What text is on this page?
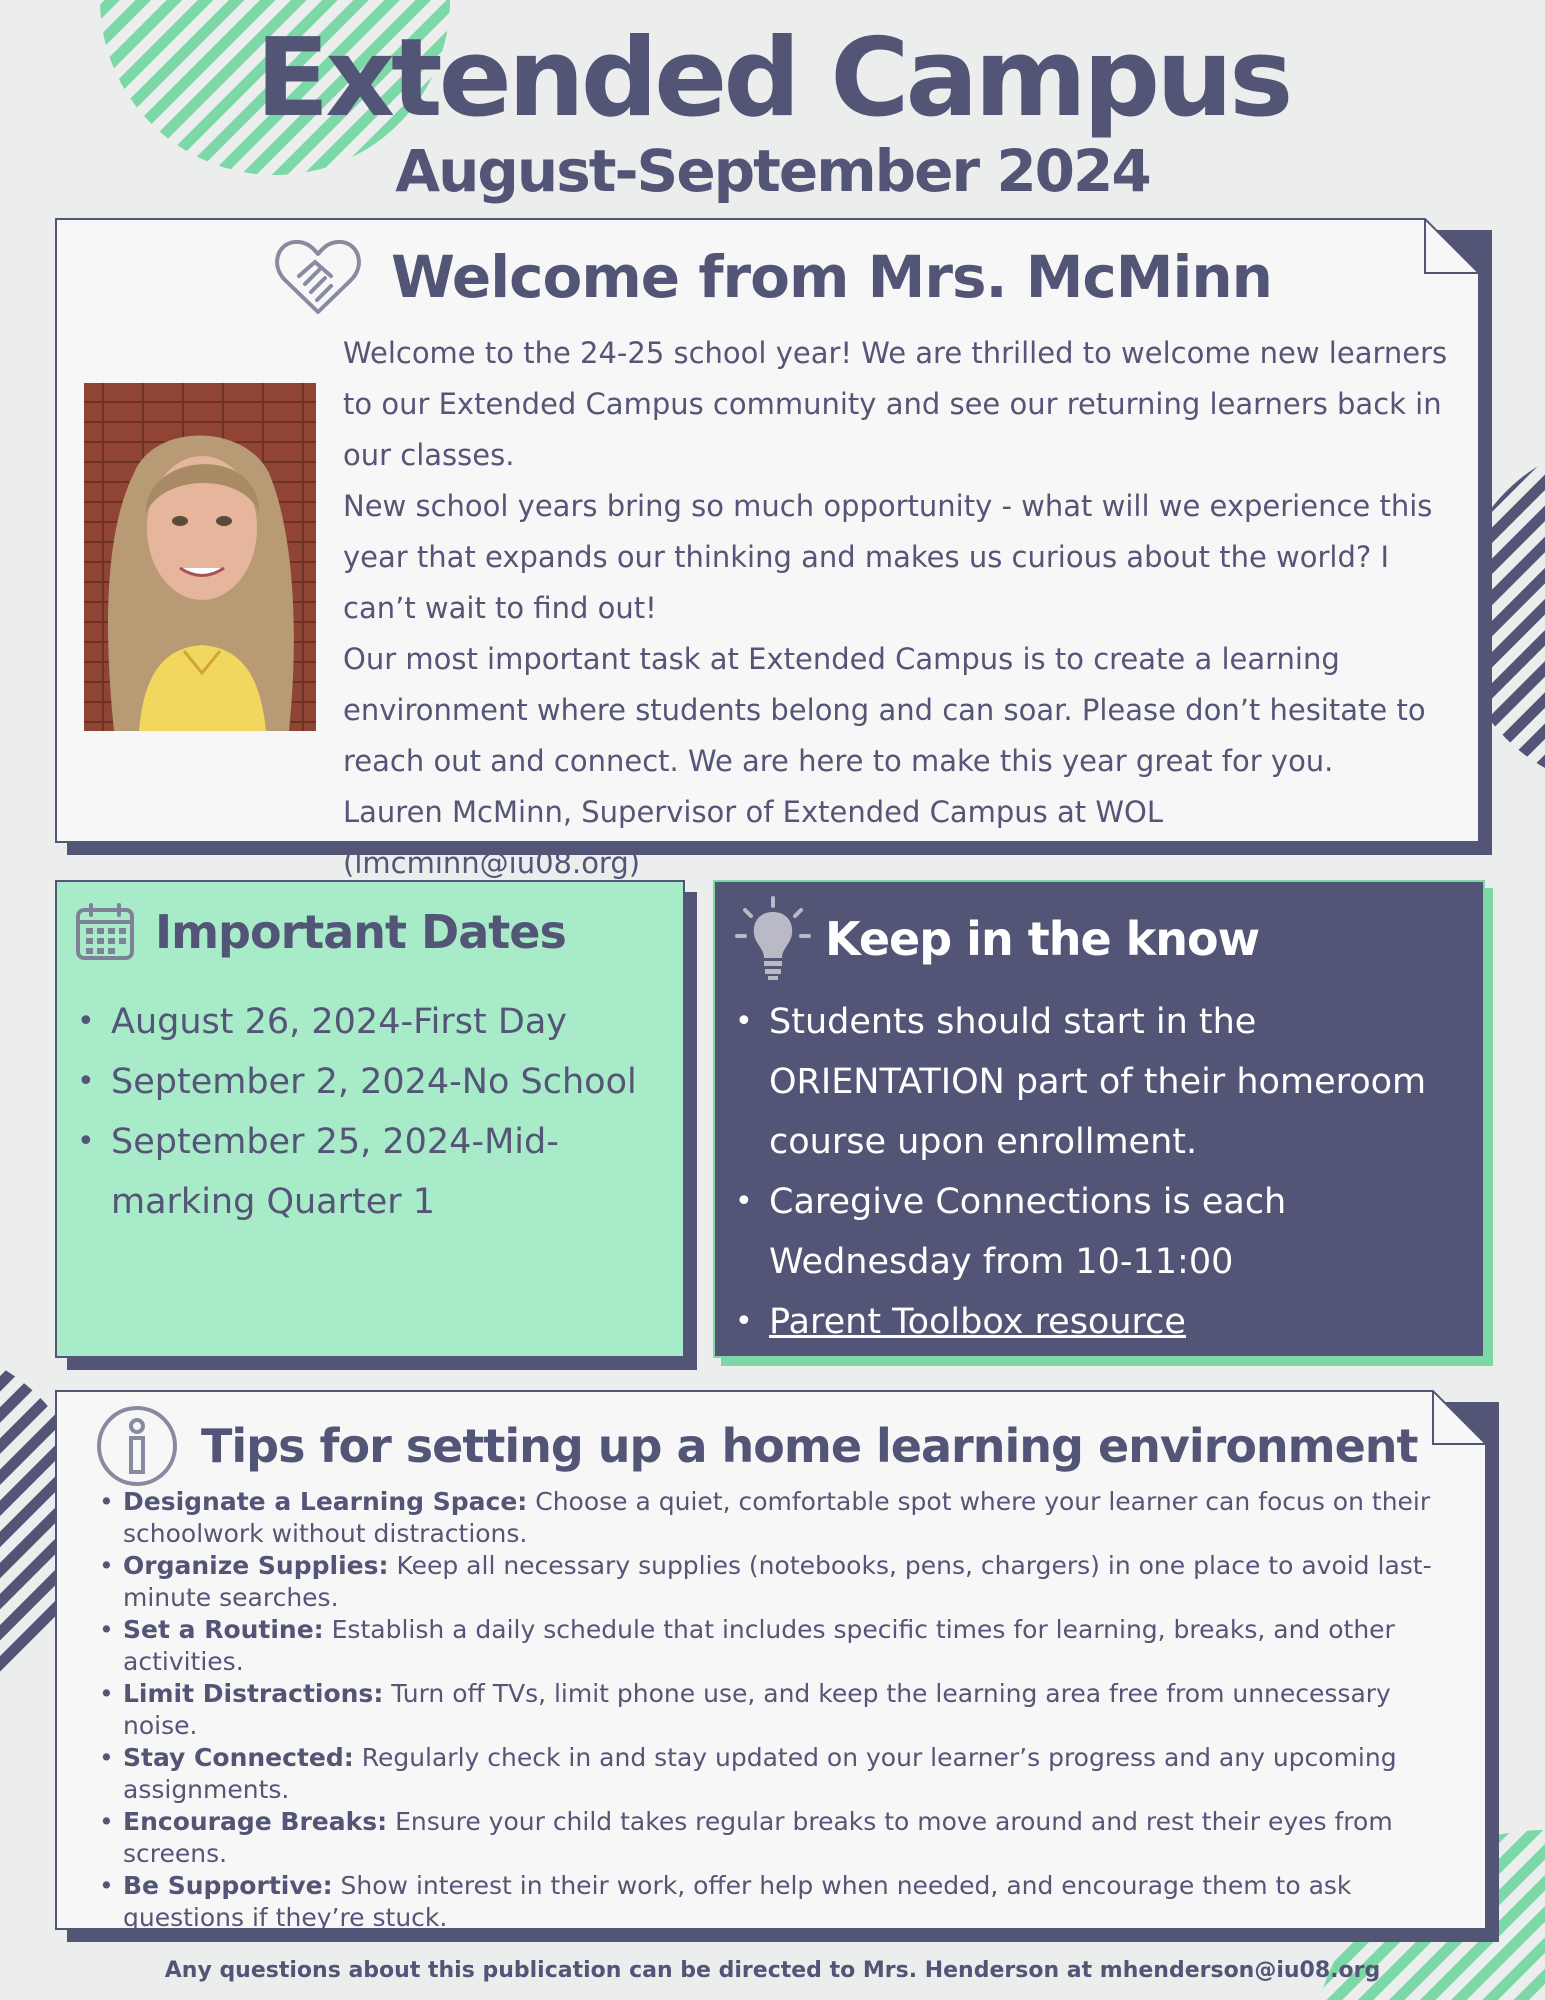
Extended Campus
August-September 2024
Welcome from Mrs. McMinn

Welcome to the 24-25 school year! We are thrilled to welcome new learners to our Extended Campus community and see our returning learners back in our classes.

New school years bring so much opportunity - what will we experience this year that expands our thinking and makes us curious about the world? I can’t wait to find out!

Our most important task at Extended Campus is to create a learning environment where students belong and can soar. Please don’t hesitate to reach out and connect. We are here to make this year great for you.

Lauren McMinn, Supervisor of Extended Campus at WOL (lmcminn@iu08.org)

Important Dates
• August 26, 2024-First Day
• September 2, 2024-No School
• September 25, 2024-Mid-marking Quarter 1
Keep in the know
• Students should start in the ORIENTATION part of their homeroom course upon enrollment.
• Caregive Connections is each Wednesday from 10-11:00
• Parent Toolbox resource
Tips for setting up a home learning environment
• Designate a Learning Space: Choose a quiet, comfortable spot where your learner can focus on their schoolwork without distractions.
• Organize Supplies: Keep all necessary supplies (notebooks, pens, chargers) in one place to avoid last-minute searches.
• Set a Routine: Establish a daily schedule that includes specific times for learning, breaks, and other activities.
• Limit Distractions: Turn off TVs, limit phone use, and keep the learning area free from unnecessary noise.
• Stay Connected: Regularly check in and stay updated on your learner’s progress and any upcoming assignments.
• Encourage Breaks: Ensure your child takes regular breaks to move around and rest their eyes from screens.
• Be Supportive: Show interest in their work, offer help when needed, and encourage them to ask questions if they’re stuck.
Any questions about this publication can be directed to Mrs. Henderson at mhenderson@iu08.org
